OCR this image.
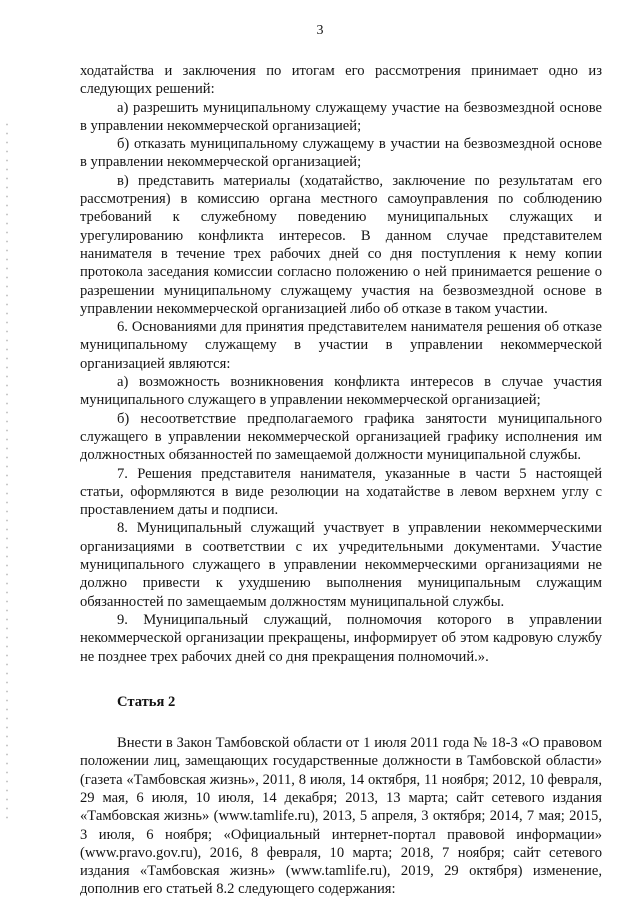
3

ходатайства и заключения по итогам его рассмотрения принимает одно из следующих решений:

а) разрешить муниципальному служащему участие на безвозмездной основе в управлении некоммерческой организацией;

б) отказать муниципальному служащему в участии на безвозмездной основе в управлении некоммерческой организацией;

в) представить материалы (ходатайство, заключение по результатам его рассмотрения) в комиссию органа местного самоуправления по соблюдению требований к служебному поведению муниципальных служащих и урегулированию конфликта интересов. В данном случае представителем нанимателя в течение трех рабочих дней со дня поступления к нему копии протокола заседания комиссии согласно положению о ней принимается решение о разрешении муниципальному служащему участия на безвозмездной основе в управлении некоммерческой организацией либо об отказе в таком участии.

6. Основаниями для принятия представителем нанимателя решения об отказе муниципальному служащему в участии в управлении некоммерческой организацией являются:

а) возможность возникновения конфликта интересов в случае участия муниципального служащего в управлении некоммерческой организацией;

б) несоответствие предполагаемого графика занятости муниципального служащего в управлении некоммерческой организацией графику исполнения им должностных обязанностей по замещаемой должности муниципальной службы.

7. Решения представителя нанимателя, указанные в части 5 настоящей статьи, оформляются в виде резолюции на ходатайстве в левом верхнем углу с проставлением даты и подписи.

8. Муниципальный служащий участвует в управлении некоммерческими организациями в соответствии с их учредительными документами. Участие муниципального служащего в управлении некоммерческими организациями не должно привести к ухудшению выполнения муниципальным служащим обязанностей по замещаемым должностям муниципальной службы.

9. Муниципальный служащий, полномочия которого в управлении некоммерческой организации прекращены, информирует об этом кадровую службу не позднее трех рабочих дней со дня прекращения полномочий.».

Статья 2

Внести в Закон Тамбовской области от 1 июля 2011 года № 18-З «О правовом положении лиц, замещающих государственные должности в Тамбовской области» (газета «Тамбовская жизнь», 2011, 8 июля, 14 октября, 11 ноября; 2012, 10 февраля, 29 мая, 6 июля, 10 июля, 14 декабря; 2013, 13 марта; сайт сетевого издания «Тамбовская жизнь» (www.tamlife.ru), 2013, 5 апреля, 3 октября; 2014, 7 мая; 2015, 3 июля, 6 ноября; «Официальный интернет-портал правовой информации» (www.pravo.gov.ru), 2016, 8 февраля, 10 марта; 2018, 7 ноября; сайт сетевого издания «Тамбовская жизнь» (www.tamlife.ru), 2019, 29 октября) изменение, дополнив его статьей 8.2 следующего содержания:
